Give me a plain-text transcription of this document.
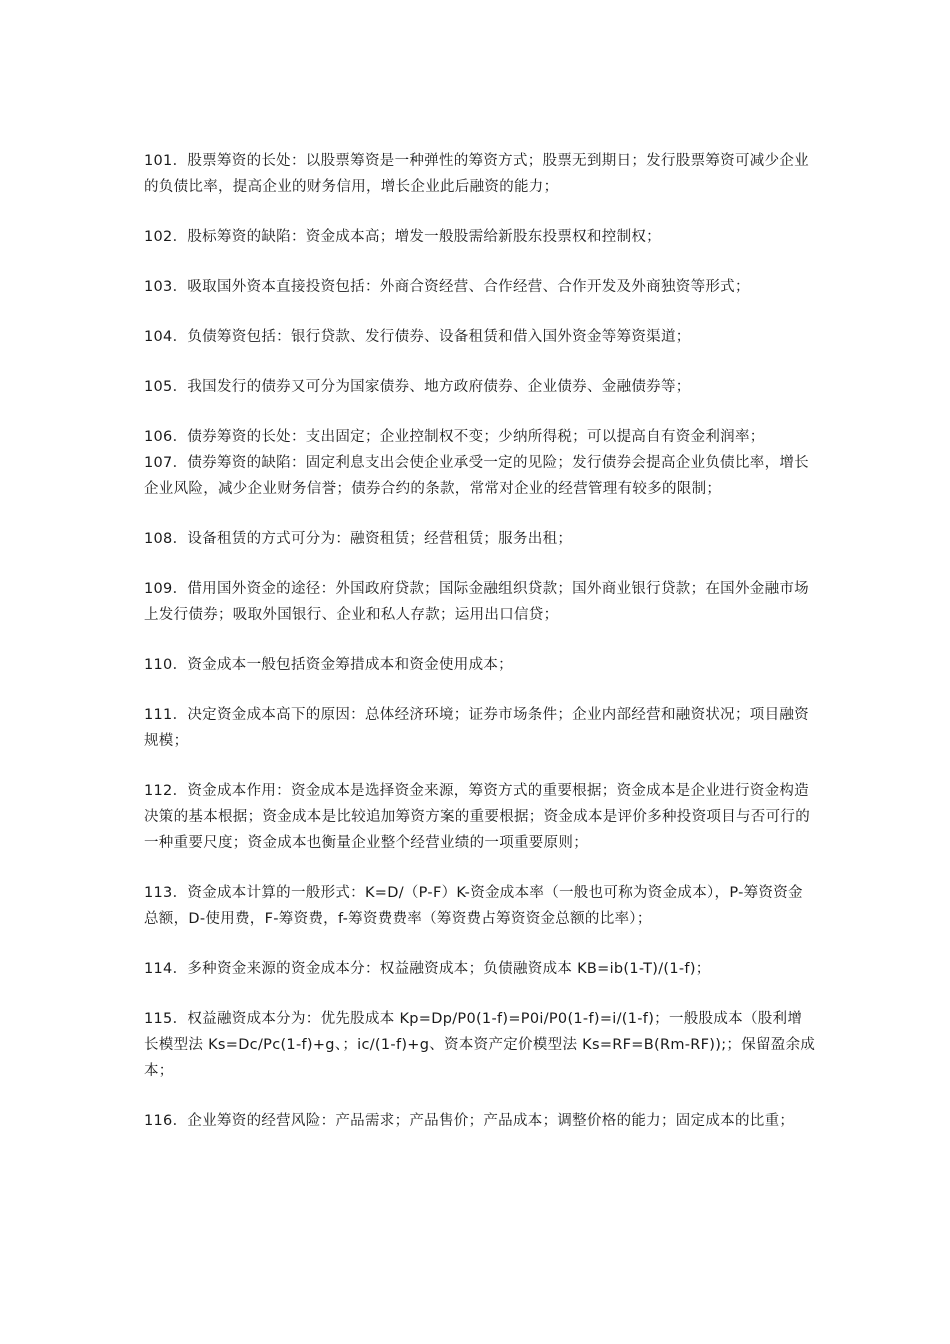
101．股票筹资的长处：以股票筹资是一种弹性的筹资方式；股票无到期日；发行股票筹资可减少企业的负债比率，提高企业的财务信用，增长企业此后融资的能力；

102．股标筹资的缺陷：资金成本高；增发一般股需给新股东投票权和控制权；

103．吸取国外资本直接投资包括：外商合资经营、合作经营、合作开发及外商独资等形式；

104．负债筹资包括：银行贷款、发行债券、设备租赁和借入国外资金等筹资渠道；

105．我国发行的债券又可分为国家债券、地方政府债券、企业债券、金融债券等；

106．债券筹资的长处：支出固定；企业控制权不变；少纳所得税；可以提高自有资金利润率；

107．债券筹资的缺陷：固定利息支出会使企业承受一定的见险；发行债券会提高企业负债比率，增长企业风险，减少企业财务信誉；债券合约的条款，常常对企业的经营管理有较多的限制；

108．设备租赁的方式可分为：融资租赁；经营租赁；服务出租；

109．借用国外资金的途径：外国政府贷款；国际金融组织贷款；国外商业银行贷款；在国外金融市场上发行债券；吸取外国银行、企业和私人存款；运用出口信贷；

110．资金成本一般包括资金筹措成本和资金使用成本；

111．决定资金成本高下的原因：总体经济环境；证券市场条件；企业内部经营和融资状况；项目融资规模；

112．资金成本作用：资金成本是选择资金来源，筹资方式的重要根据；资金成本是企业进行资金构造决策的基本根据；资金成本是比较追加筹资方案的重要根据；资金成本是评价多种投资项目与否可行的一种重要尺度；资金成本也衡量企业整个经营业绩的一项重要原则；

113．资金成本计算的一般形式：K=D/（P-F）K-资金成本率（一般也可称为资金成本），P-筹资资金总额，D-使用费，F-筹资费，f-筹资费费率（筹资费占筹资资金总额的比率）；

114．多种资金来源的资金成本分：权益融资成本；负债融资成本 KB=ib(1-T)/(1-f)；

115．权益融资成本分为：优先股成本 Kp=Dp/P0(1-f)=P0i/P0(1-f)=i/(1-f)；一般股成本（股利增长模型法 Ks=Dc/Pc(1-f)+g、；ic/(1-f)+g、资本资产定价模型法 Ks=RF=B(Rm-RF));；保留盈余成本；

116．企业筹资的经营风险：产品需求；产品售价；产品成本；调整价格的能力；固定成本的比重；
